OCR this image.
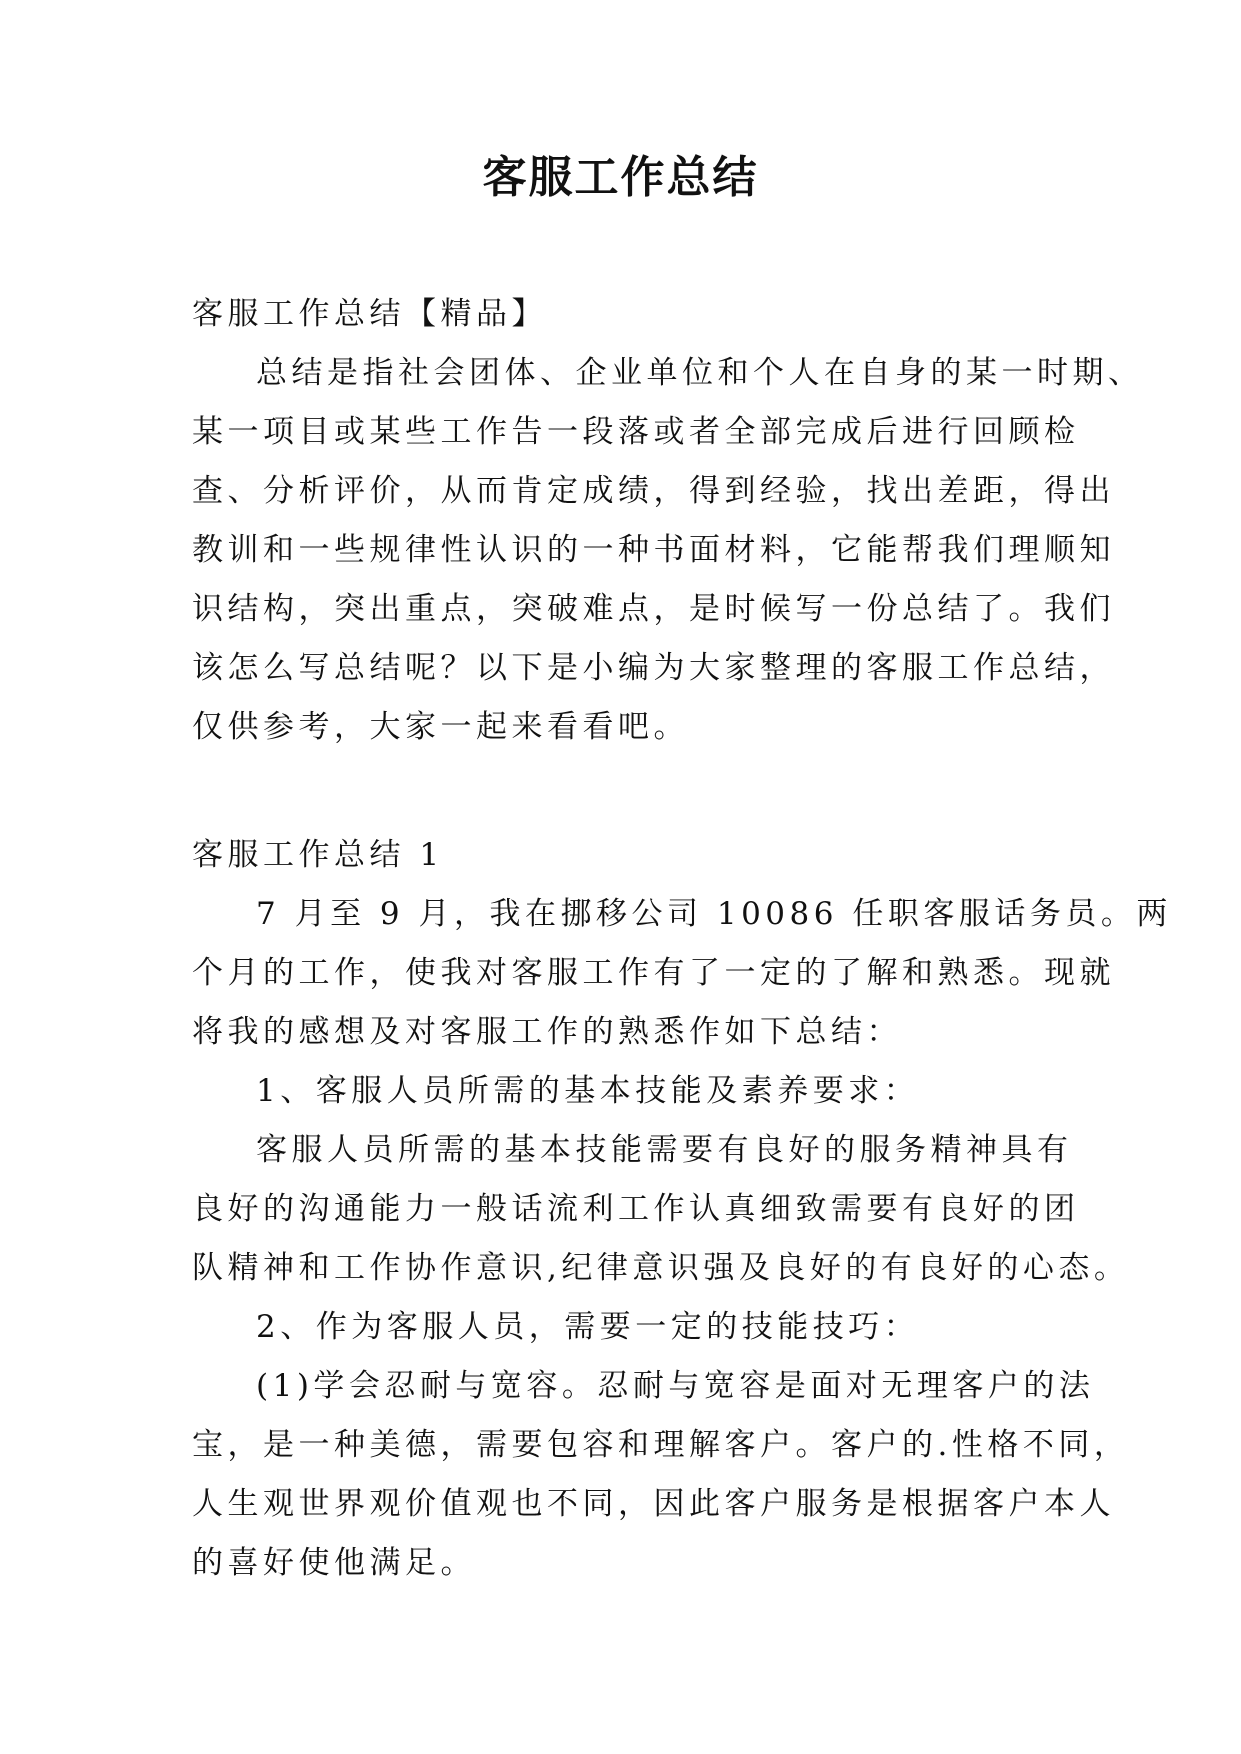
客服工作总结
客服工作总结【精品】
总结是指社会团体、企业单位和个人在自身的某一时期、
某一项目或某些工作告一段落或者全部完成后进行回顾检
查、分析评价，从而肯定成绩，得到经验，找出差距，得出
教训和一些规律性认识的一种书面材料，它能帮我们理顺知
识结构，突出重点，突破难点，是时候写一份总结了。我们
该怎么写总结呢？以下是小编为大家整理的客服工作总结，
仅供参考，大家一起来看看吧。
客服工作总结 1
7 月至 9 月，我在挪移公司 10086 任职客服话务员。两
个月的工作，使我对客服工作有了一定的了解和熟悉。现就
将我的感想及对客服工作的熟悉作如下总结：
1、客服人员所需的基本技能及素养要求：
客服人员所需的基本技能需要有良好的服务精神具有
良好的沟通能力一般话流利工作认真细致需要有良好的团
队精神和工作协作意识,纪律意识强及良好的有良好的心态。
2、作为客服人员，需要一定的技能技巧：
(1)学会忍耐与宽容。忍耐与宽容是面对无理客户的法
宝，是一种美德，需要包容和理解客户。客户的.性格不同，
人生观世界观价值观也不同，因此客户服务是根据客户本人
的喜好使他满足。
